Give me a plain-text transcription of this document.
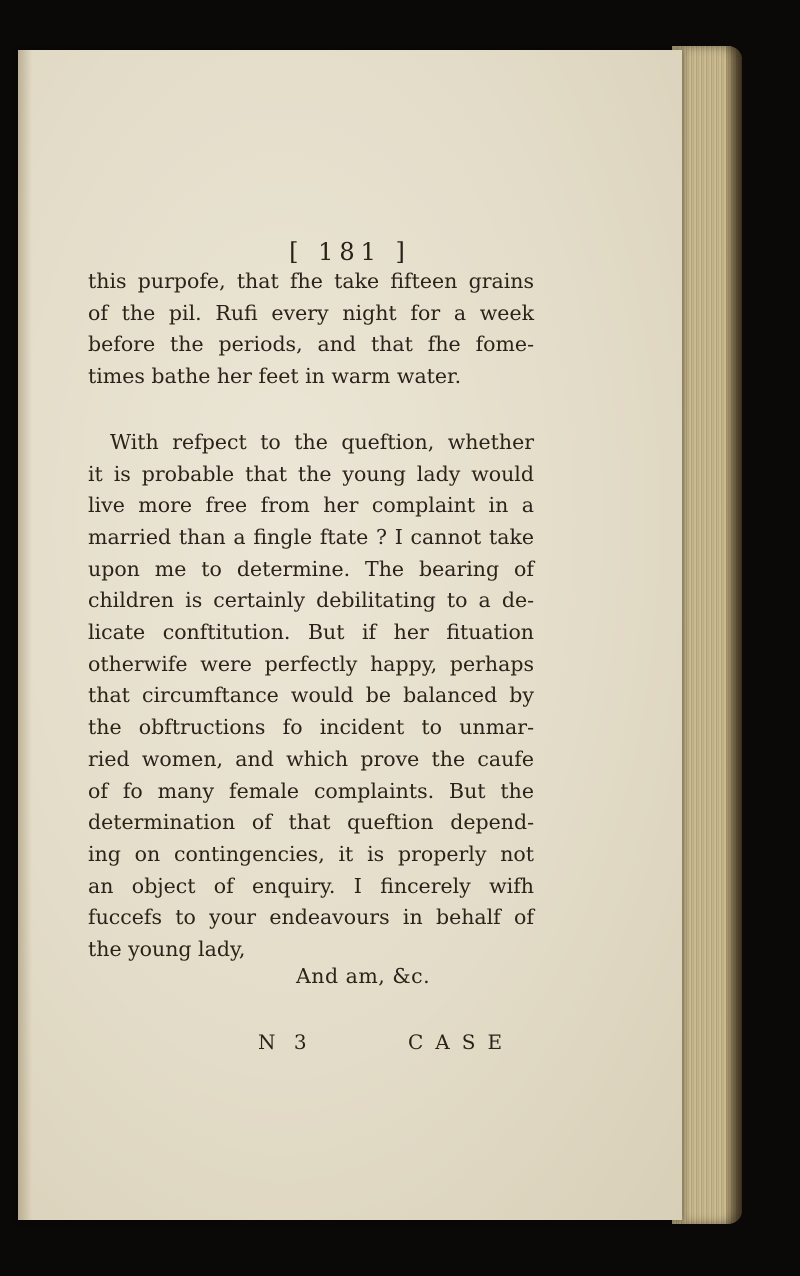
[ 181 ]

this purpofe, that fhe take fifteen grains
of the pil. Rufi every night for a week
before the periods, and that fhe fome-
times bathe her feet in warm water.

With refpect to the queftion, whether
it is probable that the young lady would
live more free from her complaint in a
married than a fingle ftate ? I cannot take
upon me to determine. The bearing of
children is certainly debilitating to a de-
licate conftitution. But if her fituation
otherwife were perfectly happy, perhaps
that circumftance would be balanced by
the obftructions fo incident to unmar-
ried women, and which prove the caufe
of fo many female complaints. But the
determination of that queftion depend-
ing on contingencies, it is properly not
an object of enquiry. I fincerely wifh
fuccefs to your endeavours in behalf of
the young lady,

And am, &c.
N 3	CASE
